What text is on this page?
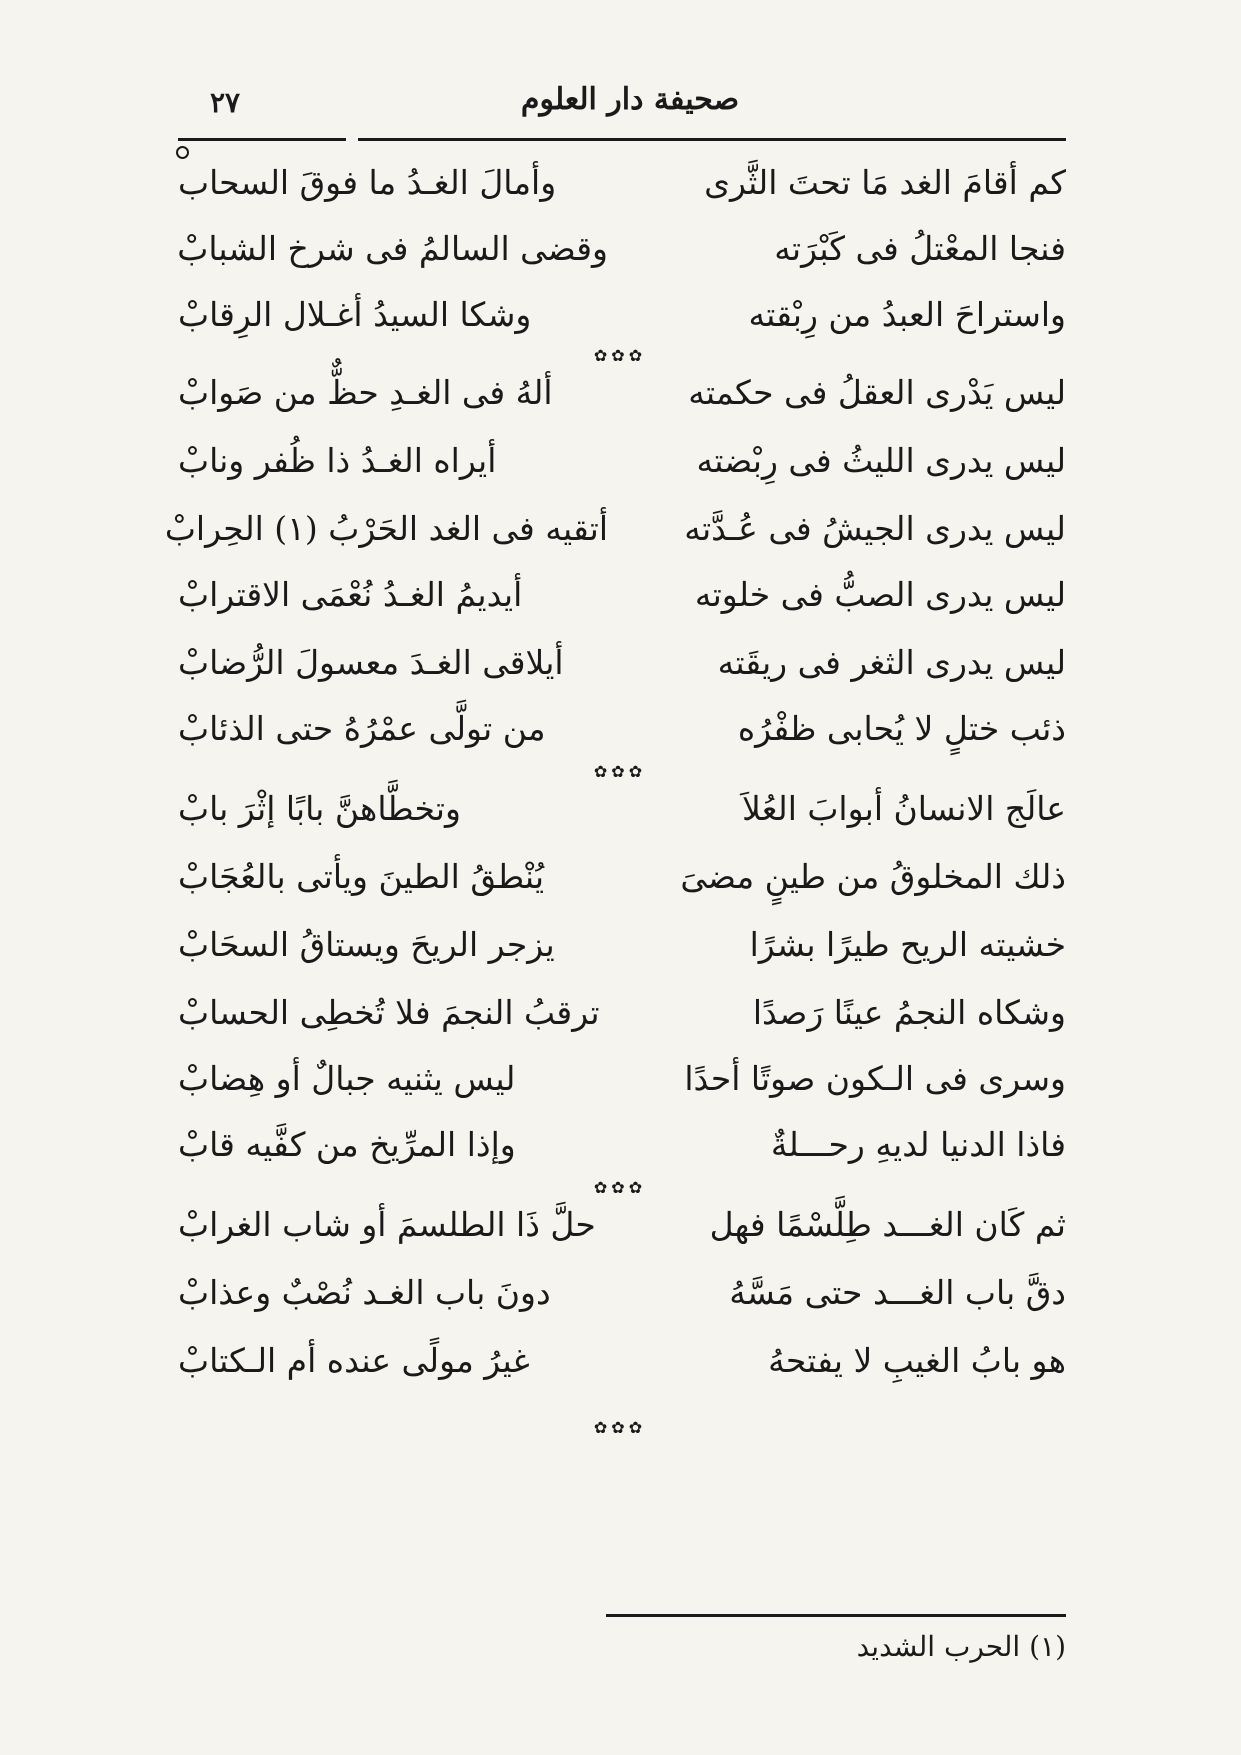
صحيفة دار العلوم
٢٧
كم أقامَ الغد مَا تحتَ الثَّرى
وأمالَ الغـدُ ما فوقَ السحاب
فنجا المعْتلُ فى كَبْرَته
وقضى السالمُ فى شرخ الشبابْ
واستراحَ العبدُ من رِبْقته
وشكا السيدُ أغـلال الرِقابْ
✿✿✿
ليس يَدْرى العقلُ فى حكمته
ألهُ فى الغـدِ حظٌّ من صَوابْ
ليس يدرى الليثُ فى رِبْضته
أيراه الغـدُ ذا ظُفر ونابْ
ليس يدرى الجيشُ فى عُـدَّته
أتقيه فى الغد الحَرْبُ (١) الحِرابْ
ليس يدرى الصبُّ فى خلوته
أيديمُ الغـدُ نُعْمَى الاقترابْ
ليس يدرى الثغر فى ريقَته
أيلاقى الغـدَ معسولَ الرُّضابْ
ذئب ختلٍ لا يُحابى ظفْرُه
من تولَّى عمْرُهُ حتى الذئابْ
✿✿✿
عالَج الانسانُ أبوابَ العُلاَ
وتخطَّاهنَّ بابًا إثْرَ بابْ
ذلك المخلوقُ من طينٍ مضىَ
يُنْطقُ الطينَ ويأتى بالعُجَابْ
خشيته الريح طيرًا بشرًا
يزجر الريحَ ويستاقُ السحَابْ
وشكاه النجمُ عينًا رَصدًا
ترقبُ النجمَ فلا تُخطِى الحسابْ
وسرى فى الـكون صوتًا أحدًا
ليس يثنيه جبالٌ أو هِضابْ
فاذا الدنيا لديهِ رحـــلةٌ
وإذا المرِّيخ من كفَّيه قابْ
✿✿✿
ثم كَان الغـــد طِلَّسْمًا فهل
حلَّ ذَا الطلسمَ أو شاب الغرابْ
دقَّ باب الغـــد حتى مَسَّهُ
دونَ باب الغـد نُصْبٌ وعذابْ
هو بابُ الغيبِ لا يفتحهُ
غيرُ مولًى عنده أم الـكتابْ
✿✿✿
(١) الحرب الشديد
